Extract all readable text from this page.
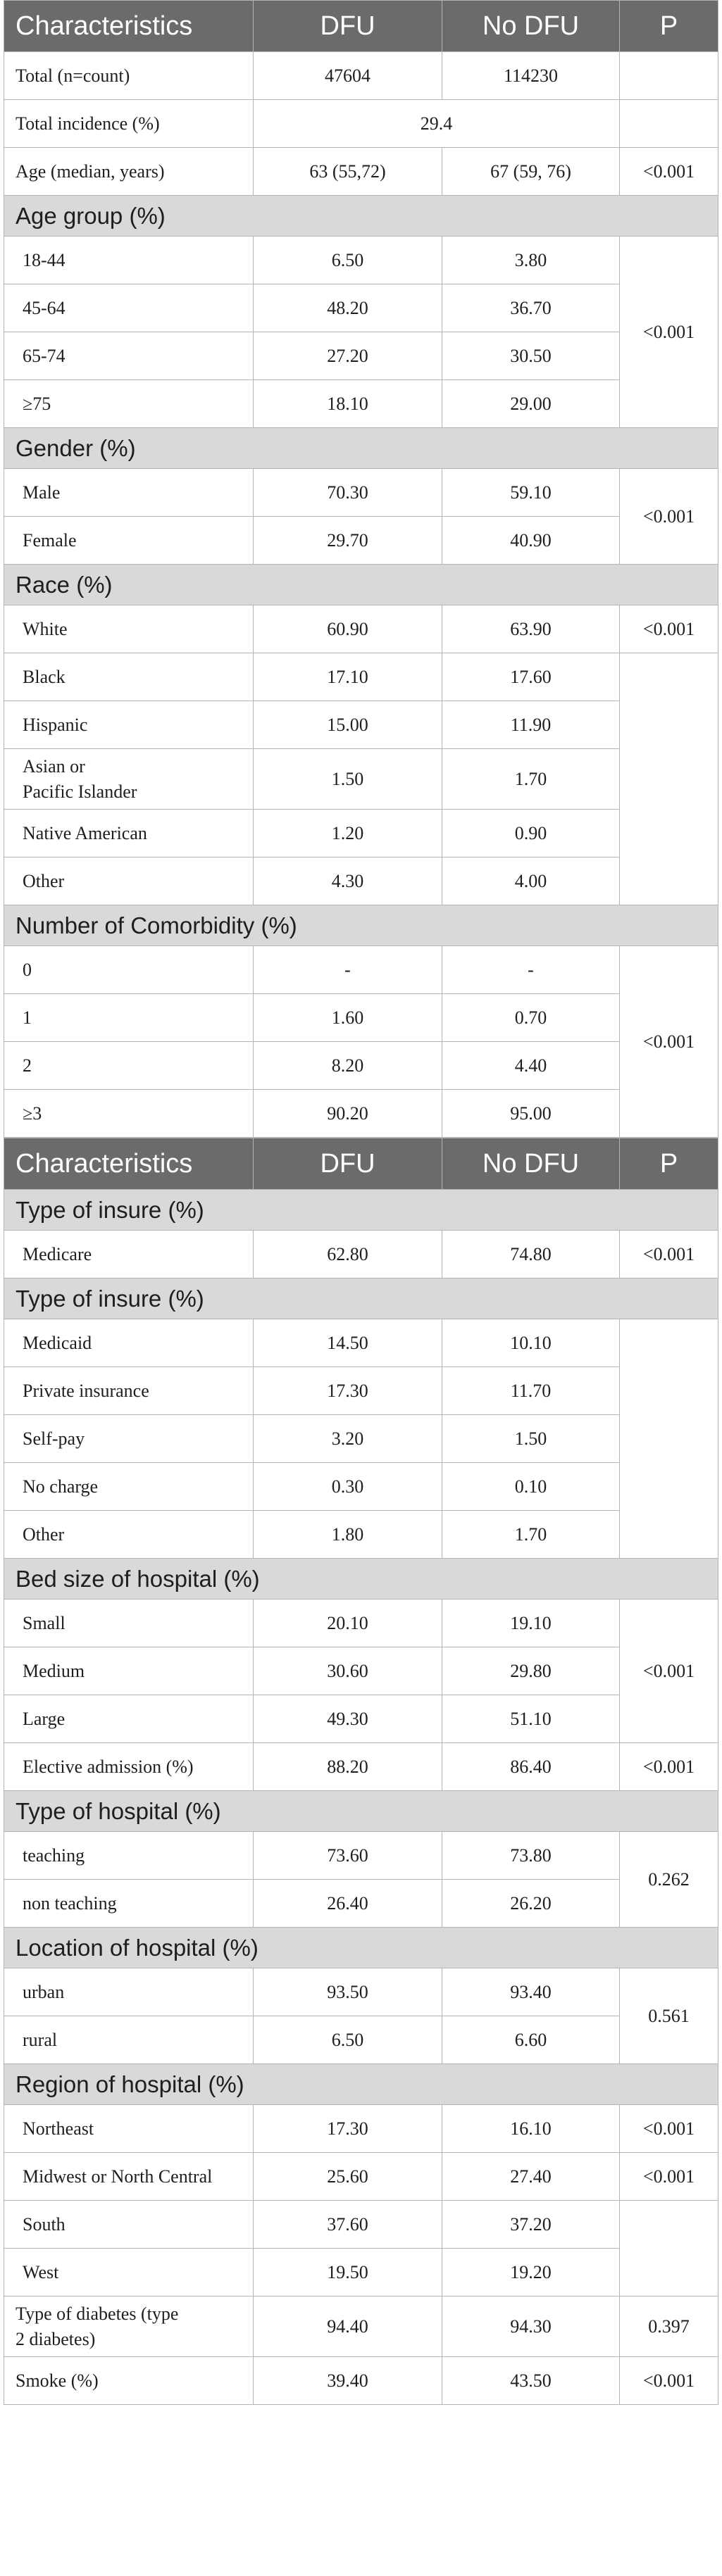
Characteristics	DFU	No DFU	P
Total (n=count)	47604	114230	
Total incidence (%)	29.4		
Age (median, years)	63 (55,72)	67 (59, 76)	<0.001
Age group (%)			
18-44	6.50	3.80	<0.001
45-64	48.20	36.70	
65-74	27.20	30.50	
≥75	18.10	29.00	
Gender (%)			
Male	70.30	59.10	<0.001
Female	29.70	40.90	
Race (%)			
White	60.90	63.90	<0.001
Black	17.10	17.60	
Hispanic	15.00	11.90	
Asian or
Pacific Islander	1.50	1.70	
Native American	1.20	0.90	
Other	4.30	4.00	
Number of Comorbidity (%)			
0	-	-	<0.001
1	1.60	0.70	
2	8.20	4.40	
≥3	90.20	95.00	
Characteristics	DFU	No DFU	P
Type of insure (%)			
Medicare	62.80	74.80	<0.001
Type of insure (%)			
Medicaid	14.50	10.10	
Private insurance	17.30	11.70	
Self-pay	3.20	1.50	
No charge	0.30	0.10	
Other	1.80	1.70	
Bed size of hospital (%)			
Small	20.10	19.10	<0.001
Medium	30.60	29.80	
Large	49.30	51.10	
Elective admission (%)	88.20	86.40	<0.001
Type of hospital (%)			
teaching	73.60	73.80	0.262
non teaching	26.40	26.20	
Location of hospital (%)			
urban	93.50	93.40	0.561
rural	6.50	6.60	
Region of hospital (%)			
Northeast	17.30	16.10	<0.001
Midwest or North Central	25.60	27.40	<0.001
South	37.60	37.20	
West	19.50	19.20	
Type of diabetes (type
2 diabetes)	94.40	94.30	0.397
Smoke (%)	39.40	43.50	<0.001
